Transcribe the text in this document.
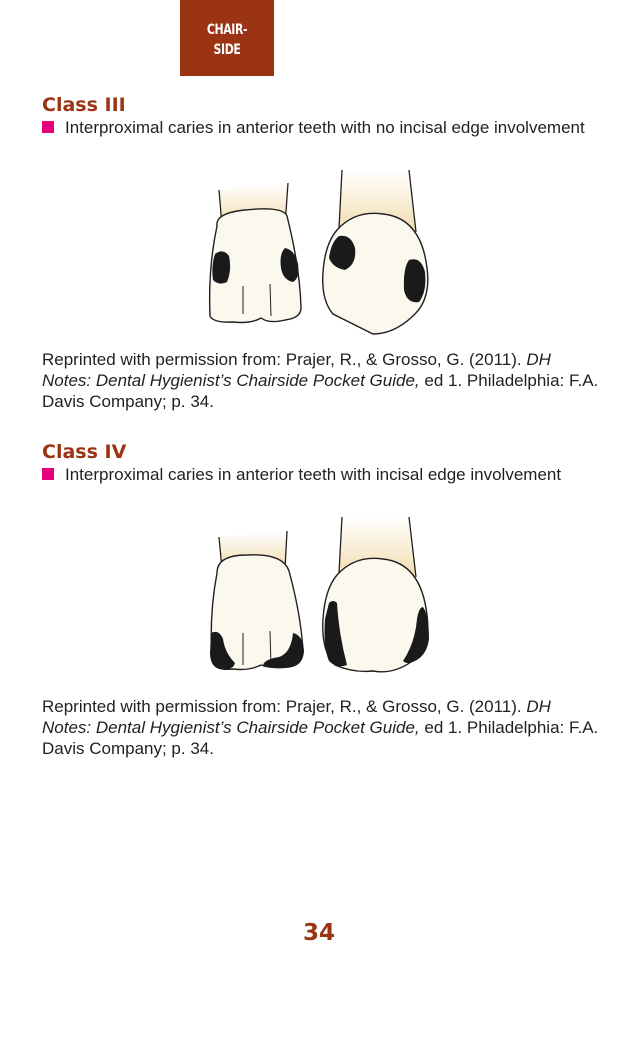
CHAIR-
SIDE
Class III
Interproximal caries in anterior teeth with no incisal edge involvement
Reprinted with permission from: Prajer, R., & Grosso, G. (2011). DH Notes: Dental Hygienist’s Chairside Pocket Guide, ed 1. Philadelphia: F.A. Davis Company; p. 34.
Class IV
Interproximal caries in anterior teeth with incisal edge involvement
Reprinted with permission from: Prajer, R., & Grosso, G. (2011). DH Notes: Dental Hygienist’s Chairside Pocket Guide, ed 1. Philadelphia: F.A. Davis Company; p. 34.
34
